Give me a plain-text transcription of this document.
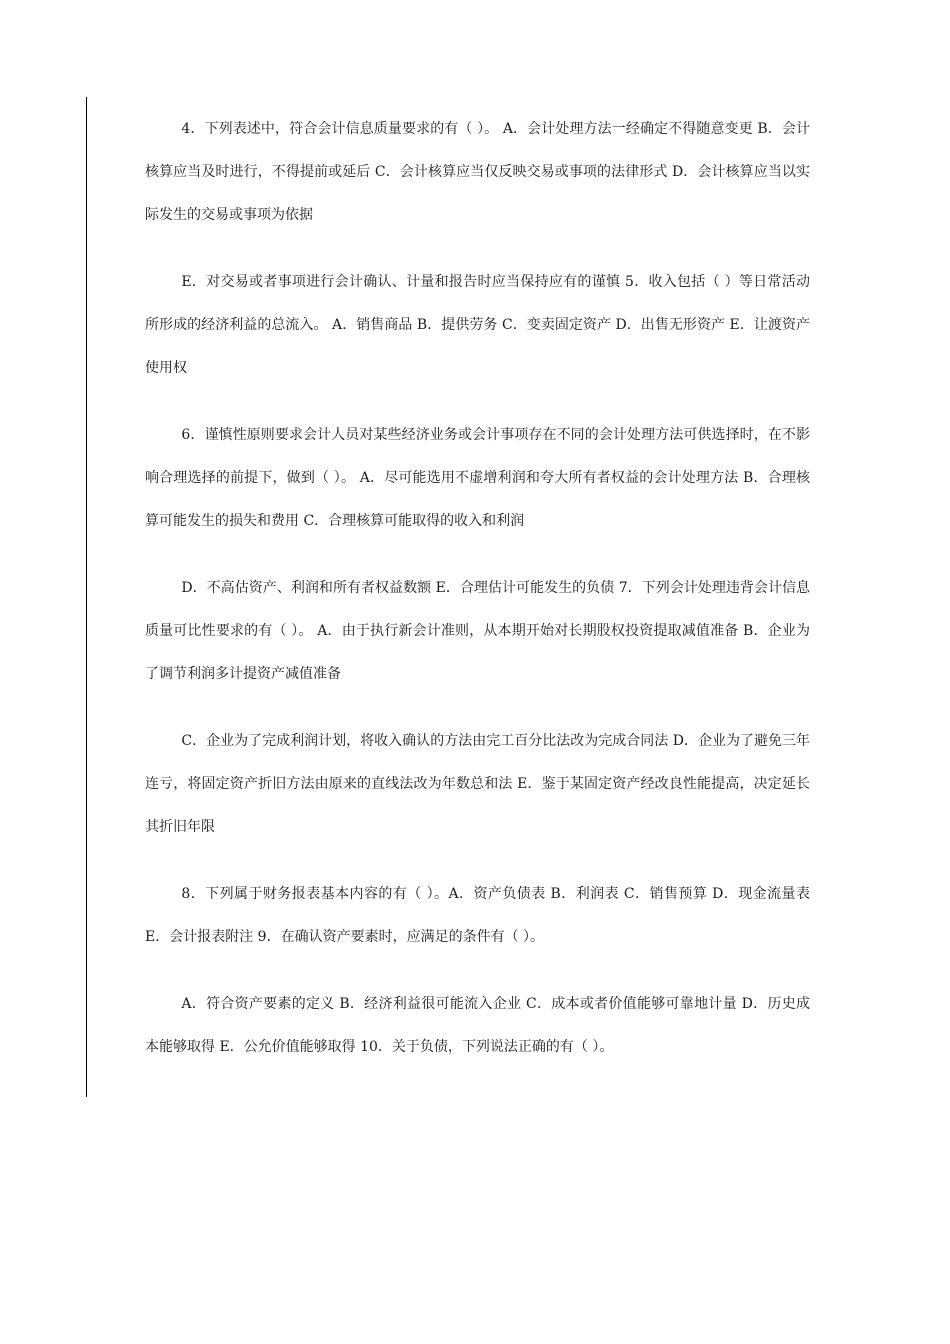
4．下列表述中，符合会计信息质量要求的有（ ）。 A．会计处理方法一经确定不得随意变更 B．会计核算应当及时进行，不得提前或延后 C．会计核算应当仅反映交易或事项的法律形式 D．会计核算应当以实际发生的交易或事项为依据

E．对交易或者事项进行会计确认、计量和报告时应当保持应有的谨慎 5．收入包括（ ）等日常活动所形成的经济利益的总流入。 A．销售商品 B．提供劳务 C．变卖固定资产 D．出售无形资产 E．让渡资产使用权

6．谨慎性原则要求会计人员对某些经济业务或会计事项存在不同的会计处理方法可供选择时，在不影响合理选择的前提下，做到（ ）。 A．尽可能选用不虚增利润和夸大所有者权益的会计处理方法 B．合理核算可能发生的损失和费用 C．合理核算可能取得的收入和利润

D．不高估资产、利润和所有者权益数额 E．合理估计可能发生的负债 7．下列会计处理违背会计信息质量可比性要求的有（ ）。 A．由于执行新会计准则，从本期开始对长期股权投资提取减值准备 B．企业为了调节利润多计提资产减值准备

C．企业为了完成利润计划，将收入确认的方法由完工百分比法改为完成合同法 D．企业为了避免三年连亏，将固定资产折旧方法由原来的直线法改为年数总和法 E．鉴于某固定资产经改良性能提高，决定延长其折旧年限

8．下列属于财务报表基本内容的有（ ）。A．资产负债表 B．利润表 C．销售预算 D．现金流量表 E．会计报表附注 9．在确认资产要素时，应满足的条件有（ ）。

A．符合资产要素的定义 B．经济利益很可能流入企业 C．成本或者价值能够可靠地计量 D．历史成本能够取得 E．公允价值能够取得 10．关于负债，下列说法正确的有（ ）。
